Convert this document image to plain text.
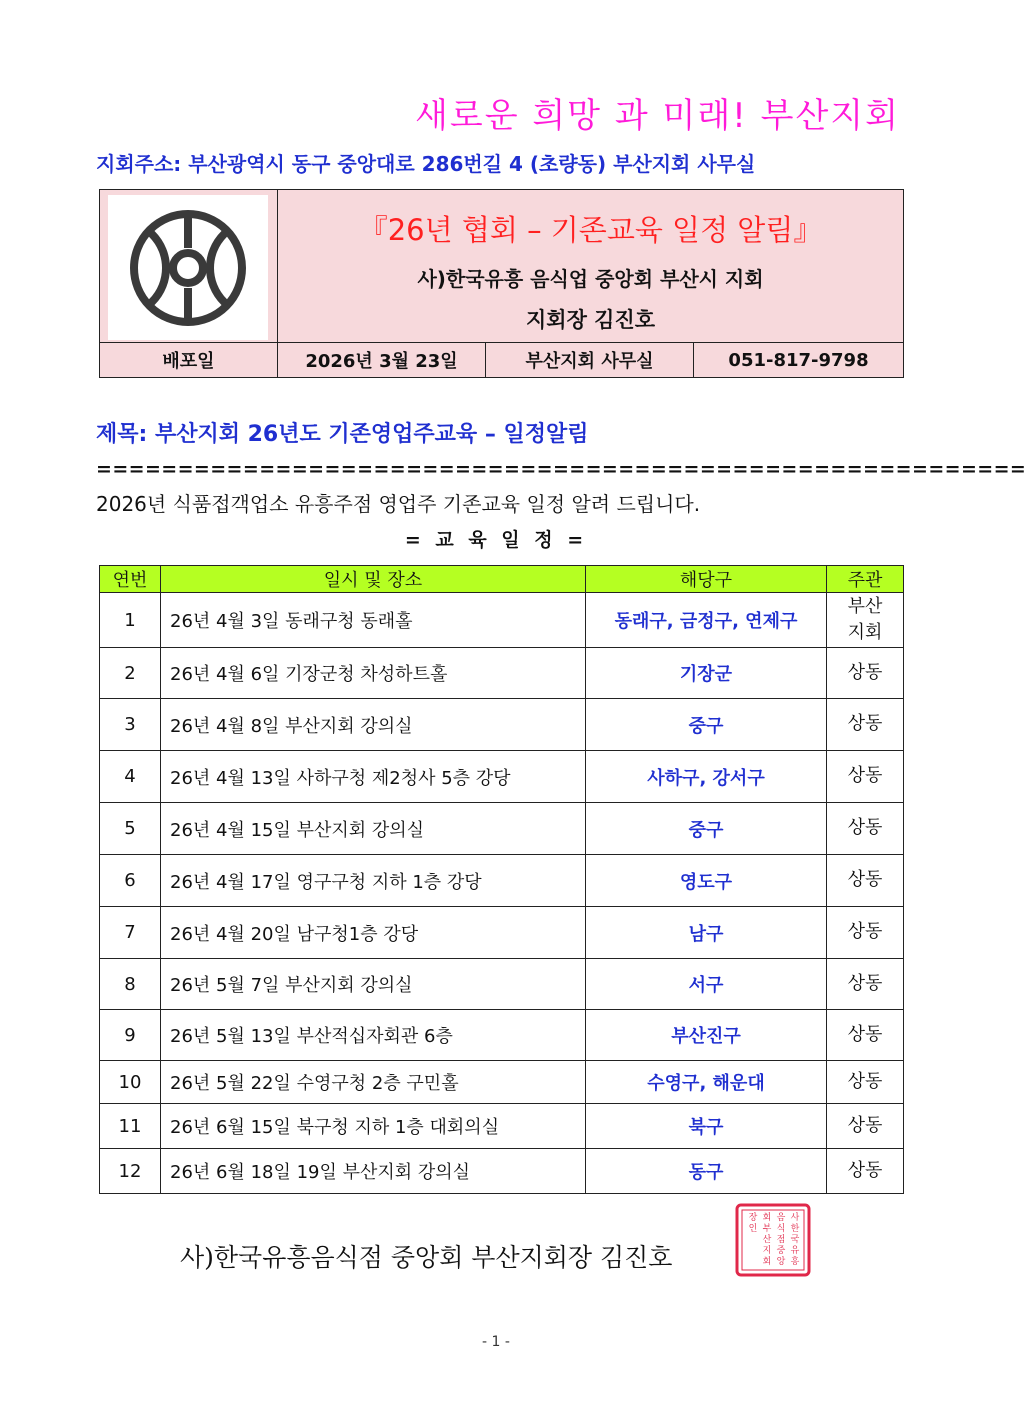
새로운 희망 과 미래! 부산지회
지회주소: 부산광역시 동구 중앙대로 286번길 4 (초량동) 부산지회 사무실

『26년 협회 – 기존교육 일정 알림』
사)한국유흥 음식업 중앙회 부산시 지회
지회장 김진호		

배포일	2026년 3월 23일	부산지회 사무실	051-817-9798
제목: 부산지회 26년도 기존영업주교육 – 일정알림
=========================================================
2026년 식품접객업소 유흥주점 영업주 기존교육 일정 알려 드립니다.
= 교 육 일 정 =
연번	일시 및 장소	해당구	주관
1	26년 4월 3일 동래구청 동래홀	동래구, 금정구, 연제구	부산
지회
2	26년 4월 6일 기장군청 차성하트홀	기장군	상동
3	26년 4월 8일 부산지회 강의실	중구	상동
4	26년 4월 13일 사하구청 제2청사 5층 강당	사하구, 강서구	상동
5	26년 4월 15일 부산지회 강의실	중구	상동
6	26년 4월 17일 영구구청 지하 1층 강당	영도구	상동
7	26년 4월 20일 남구청1층 강당	남구	상동
8	26년 5월 7일 부산지회 강의실	서구	상동
9	26년 5월 13일 부산적십자회관 6층	부산진구	상동
10	26년 5월 22일 수영구청 2층 구민홀	수영구, 해운대	상동
11	26년 6월 15일 북구청 지하 1층 대회의실	북구	상동
12	26년 6월 18일 19일 부산지회 강의실	동구	상동
사)한국유흥음식점 중앙회 부산지회장 김진호
사 한 국 유 흥음 식 점 중 앙회 부 산 지 회장 인
- 1 -
